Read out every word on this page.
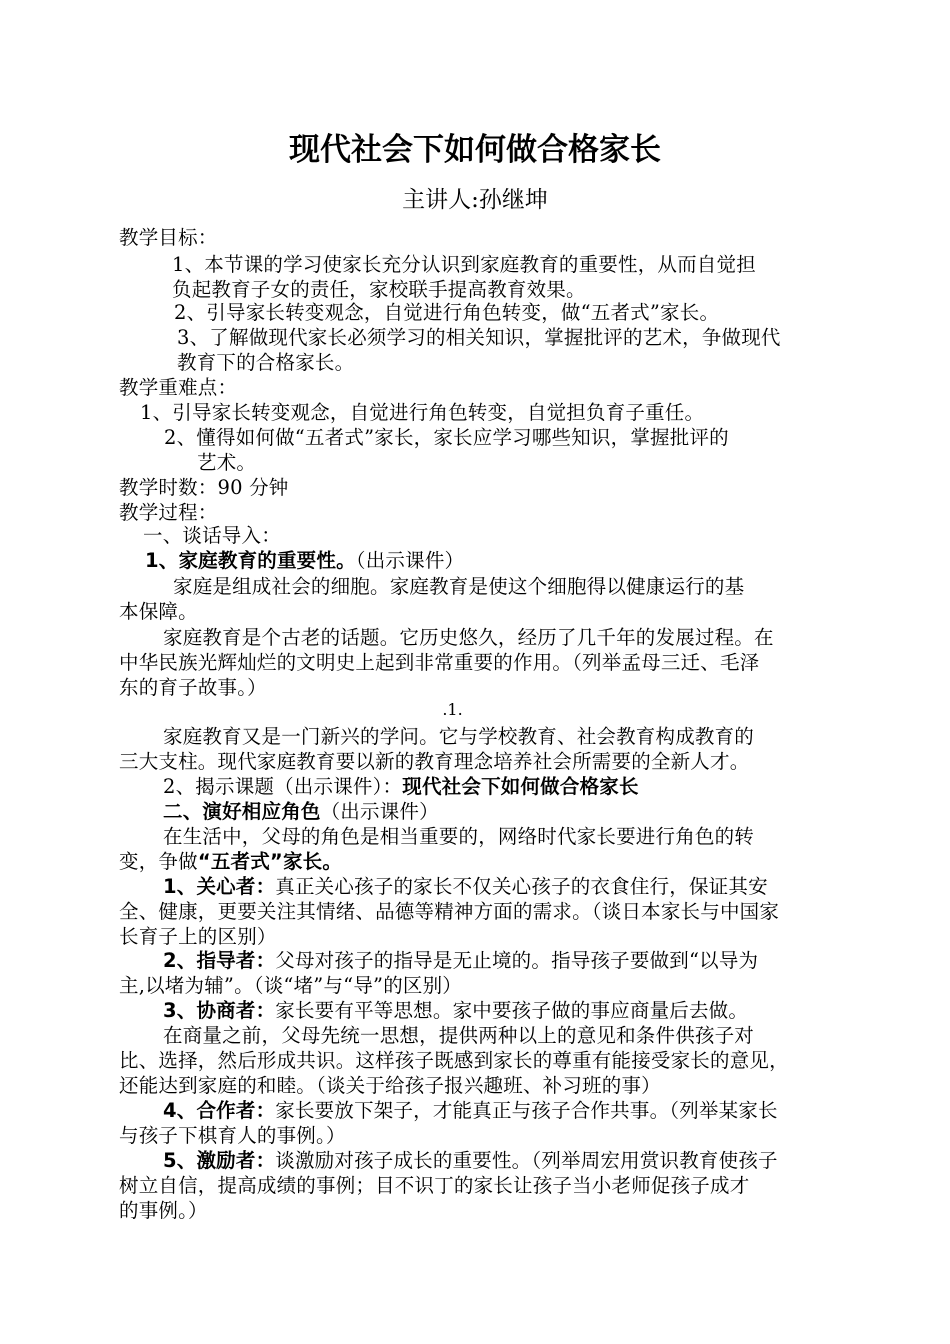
现代社会下如何做合格家长
主讲人:孙继坤
教学目标：
1、本节课的学习使家长充分认识到家庭教育的重要性，从而自觉担
负起教育子女的责任，家校联手提高教育效果。
2、引导家长转变观念，自觉进行角色转变，做“五者式”家长。
3、了解做现代家长必须学习的相关知识，掌握批评的艺术，争做现代
教育下的合格家长。
教学重难点：
1、引导家长转变观念，自觉进行角色转变，自觉担负育子重任。
2、懂得如何做“五者式”家长，家长应学习哪些知识，掌握批评的
艺术。
教学时数：90 分钟
教学过程：
一、谈话导入：
1、家庭教育的重要性。（出示课件）
家庭是组成社会的细胞。家庭教育是使这个细胞得以健康运行的基
本保障。
家庭教育是个古老的话题。它历史悠久，经历了几千年的发展过程。在
中华民族光辉灿烂的文明史上起到非常重要的作用。（列举孟母三迁、毛泽
东的育子故事。）
.1.
家庭教育又是一门新兴的学问。它与学校教育、社会教育构成教育的
三大支柱。现代家庭教育要以新的教育理念培养社会所需要的全新人才。
2、揭示课题（出示课件）：现代社会下如何做合格家长
二、演好相应角色（出示课件）
在生活中，父母的角色是相当重要的，网络时代家长要进行角色的转
变，争做“五者式”家长。
1、关心者：真正关心孩子的家长不仅关心孩子的衣食住行，保证其安
全、健康，更要关注其情绪、品德等精神方面的需求。（谈日本家长与中国家
长育子上的区别）
2、指导者：父母对孩子的指导是无止境的。指导孩子要做到“以导为
主,以堵为辅”。（谈“堵”与“导”的区别）
3、协商者：家长要有平等思想。家中要孩子做的事应商量后去做。
在商量之前，父母先统一思想，提供两种以上的意见和条件供孩子对
比、选择，然后形成共识。这样孩子既感到家长的尊重有能接受家长的意见，
还能达到家庭的和睦。（谈关于给孩子报兴趣班、补习班的事）
4、合作者：家长要放下架子，才能真正与孩子合作共事。（列举某家长
与孩子下棋育人的事例。）
5、激励者：谈激励对孩子成长的重要性。（列举周宏用赏识教育使孩子
树立自信，提高成绩的事例；目不识丁的家长让孩子当小老师促孩子成才
的事例。）
